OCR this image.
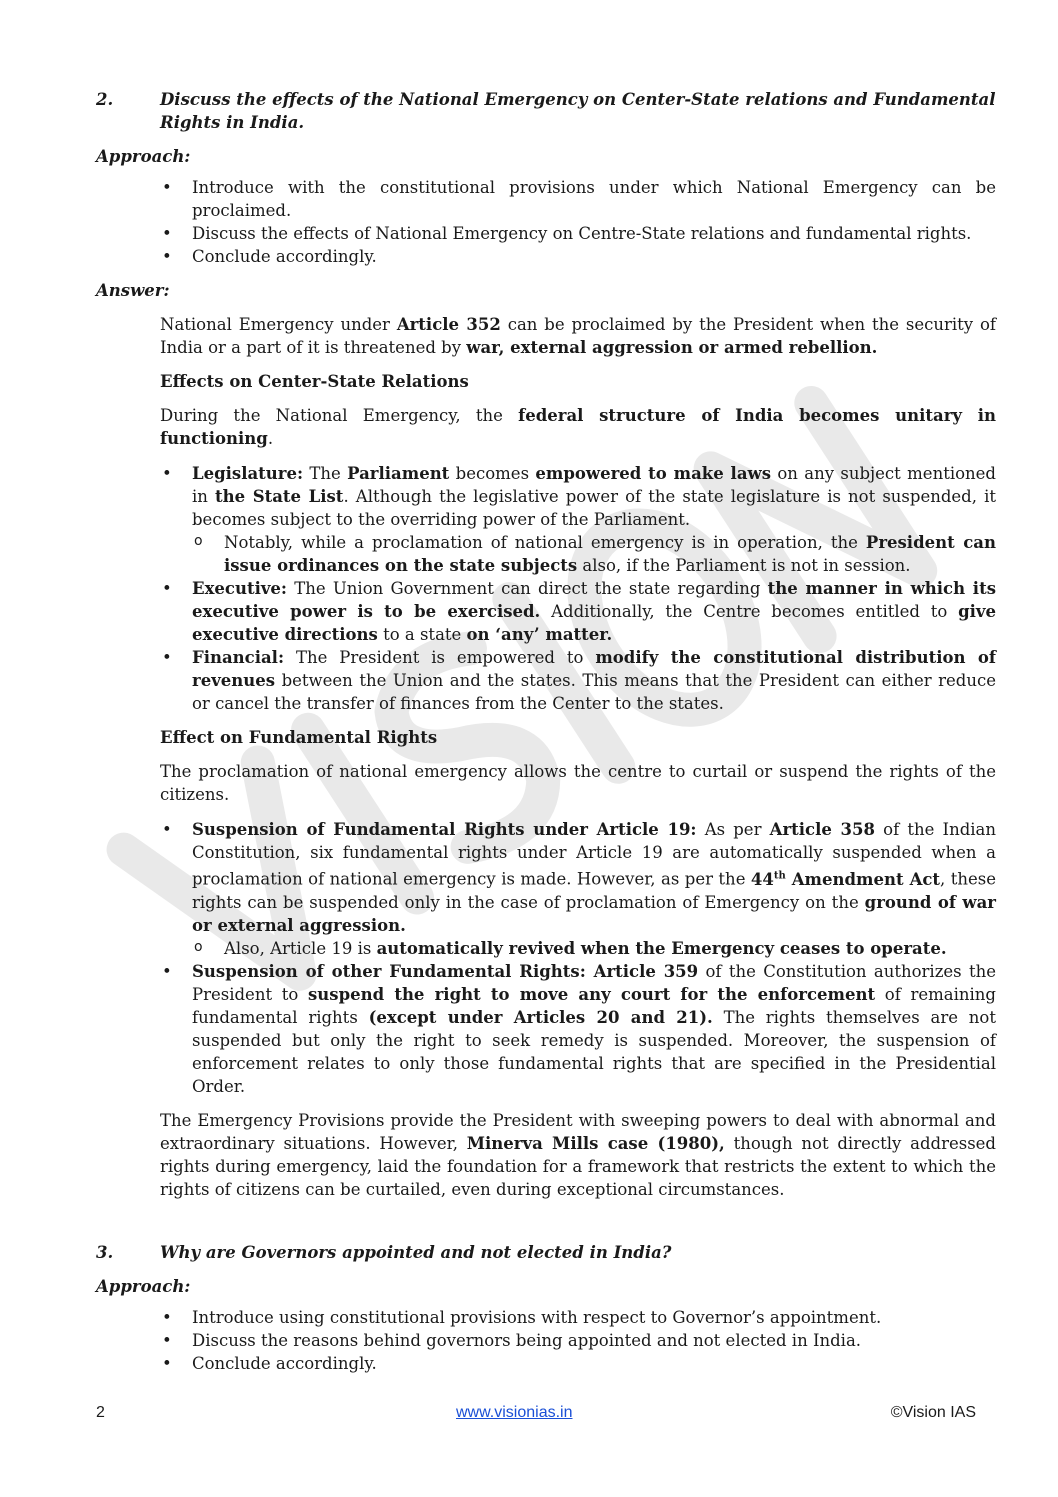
2.	Discuss the effects of the National Emergency on Center-State relations and Fundamental Rights in India.
Approach:
• Introduce with the constitutional provisions under which National Emergency can be proclaimed.
• Discuss the effects of National Emergency on Centre-State relations and fundamental rights.
• Conclude accordingly.
Answer:

National Emergency under Article 352 can be proclaimed by the President when the security of India or a part of it is threatened by war, external aggression or armed rebellion.

Effects on Center-State Relations

During the National Emergency, the federal structure of India becomes unitary in functioning.

• Legislature: The Parliament becomes empowered to make laws on any subject mentioned in the State List. Although the legislative power of the state legislature is not suspended, it becomes subject to the overriding power of the Parliament.
o Notably, while a proclamation of national emergency is in operation, the President can issue ordinances on the state subjects also, if the Parliament is not in session.
• Executive: The Union Government can direct the state regarding the manner in which its executive power is to be exercised. Additionally, the Centre becomes entitled to give executive directions to a state on ‘any’ matter.
• Financial: The President is empowered to modify the constitutional distribution of revenues between the Union and the states. This means that the President can either reduce or cancel the transfer of finances from the Center to the states.
Effect on Fundamental Rights

The proclamation of national emergency allows the centre to curtail or suspend the rights of the citizens.

• Suspension of Fundamental Rights under Article 19: As per Article 358 of the Indian Constitution, six fundamental rights under Article 19 are automatically suspended when a proclamation of national emergency is made. However, as per the 44th Amendment Act, these rights can be suspended only in the case of proclamation of Emergency on the ground of war or external aggression.
o Also, Article 19 is automatically revived when the Emergency ceases to operate.
• Suspension of other Fundamental Rights: Article 359 of the Constitution authorizes the President to suspend the right to move any court for the enforcement of remaining fundamental rights (except under Articles 20 and 21). The rights themselves are not suspended but only the right to seek remedy is suspended. Moreover, the suspension of enforcement relates to only those fundamental rights that are specified in the Presidential Order.

The Emergency Provisions provide the President with sweeping powers to deal with abnormal and extraordinary situations. However, Minerva Mills case (1980), though not directly addressed rights during emergency, laid the foundation for a framework that restricts the extent to which the rights of citizens can be curtailed, even during exceptional circumstances.

3.	Why are Governors appointed and not elected in India?
Approach:
• Introduce using constitutional provisions with respect to Governor’s appointment.
• Discuss the reasons behind governors being appointed and not elected in India.
• Conclude accordingly.
2	www.visionias.in	©Vision IAS
